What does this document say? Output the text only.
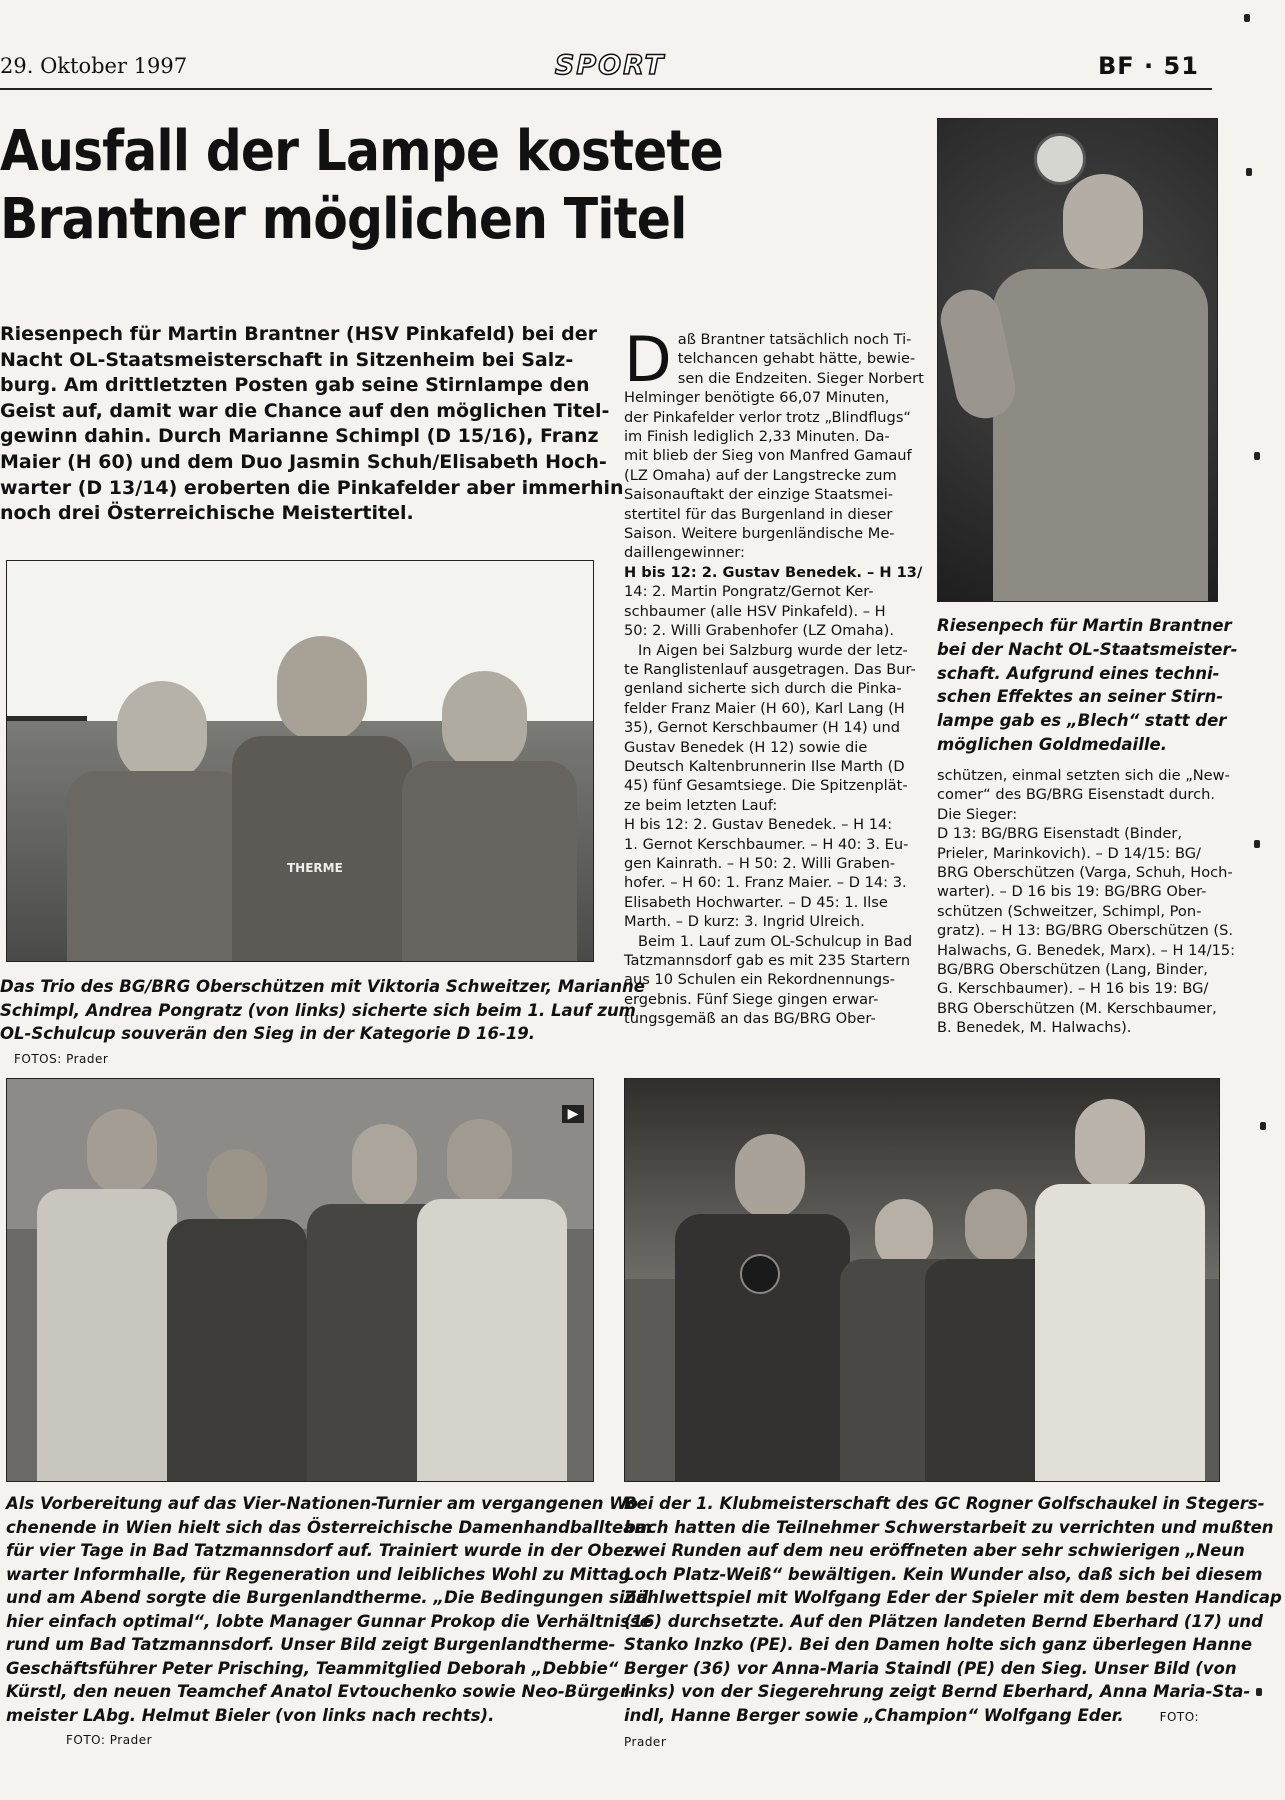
29. Oktober 1997	SPORT	BF · 51
Ausfall der Lampe kostete
Brantner möglichen Titel

Riesenpech für Martin Brantner (HSV Pinkafeld) bei der

Nacht OL-Staatsmeisterschaft in Sitzenheim bei Salz-

burg. Am drittletzten Posten gab seine Stirnlampe den

Geist auf, damit war die Chance auf den möglichen Titel-

gewinn dahin. Durch Marianne Schimpl (D 15/16), Franz

Maier (H 60) und dem Duo Jasmin Schuh/Elisabeth Hoch-

warter (D 13/14) eroberten die Pinkafelder aber immerhin

noch drei Österreichische Meistertitel.

THERME

Das Trio des BG/BRG Oberschützen mit Viktoria Schweitzer, Marianne

Schimpl, Andrea Pongratz (von links) sicherte sich beim 1. Lauf zum

OL-Schulcup souverän den Sieg in der Kategorie D 16-19.

FOTOS: Prader
D aß Brantner tatsächlich noch Ti-

telchancen gehabt hätte, bewie-

sen die Endzeiten. Sieger Norbert

Helminger benötigte 66,07 Minuten,

der Pinkafelder verlor trotz „Blindflugs“

im Finish lediglich 2,33 Minuten. Da-

mit blieb der Sieg von Manfred Gamauf

(LZ Omaha) auf der Langstrecke zum

Saisonauftakt der einzige Staatsmei-

stertitel für das Burgenland in dieser

Saison. Weitere burgenländische Me-

daillengewinner:

H bis 12: 2. Gustav Benedek. – H 13/

14: 2. Martin Pongratz/Gernot Ker-

schbaumer (alle HSV Pinkafeld). – H

50: 2. Willi Grabenhofer (LZ Omaha).

In Aigen bei Salzburg wurde der letz-

te Ranglistenlauf ausgetragen. Das Bur-

genland sicherte sich durch die Pinka-

felder Franz Maier (H 60), Karl Lang (H

35), Gernot Kerschbaumer (H 14) und

Gustav Benedek (H 12) sowie die

Deutsch Kaltenbrunnerin Ilse Marth (D

45) fünf Gesamtsiege. Die Spitzenplät-

ze beim letzten Lauf:

H bis 12: 2. Gustav Benedek. – H 14:

1. Gernot Kerschbaumer. – H 40: 3. Eu-

gen Kainrath. – H 50: 2. Willi Graben-

hofer. – H 60: 1. Franz Maier. – D 14: 3.

Elisabeth Hochwarter. – D 45: 1. Ilse

Marth. – D kurz: 3. Ingrid Ulreich.

Beim 1. Lauf zum OL-Schulcup in Bad

Tatzmannsdorf gab es mit 235 Startern

aus 10 Schulen ein Rekordnennungs-

ergebnis. Fünf Siege gingen erwar-

tungsgemäß an das BG/BRG Ober-

Riesenpech für Martin Brantner

bei der Nacht OL-Staatsmeister-

schaft. Aufgrund eines techni-

schen Effektes an seiner Stirn-

lampe gab es „Blech“ statt der

möglichen Goldmedaille.

schützen, einmal setzten sich die „New-

comer“ des BG/BRG Eisenstadt durch.

Die Sieger:

D 13: BG/BRG Eisenstadt (Binder,

Prieler, Marinkovich). – D 14/15: BG/

BRG Oberschützen (Varga, Schuh, Hoch-

warter). – D 16 bis 19: BG/BRG Ober-

schützen (Schweitzer, Schimpl, Pon-

gratz). – H 13: BG/BRG Oberschützen (S.

Halwachs, G. Benedek, Marx). – H 14/15:

BG/BRG Oberschützen (Lang, Binder,

G. Kerschbaumer). – H 16 bis 19: BG/

BRG Oberschützen (M. Kerschbaumer,

B. Benedek, M. Halwachs).

▶

Als Vorbereitung auf das Vier-Nationen-Turnier am vergangenen Wo-

chenende in Wien hielt sich das Österreichische Damenhandballteam

für vier Tage in Bad Tatzmannsdorf auf. Trainiert wurde in der Ober-

warter Informhalle, für Regeneration und leibliches Wohl zu Mittag

und am Abend sorgte die Burgenlandtherme. „Die Bedingungen sind

hier einfach optimal“, lobte Manager Gunnar Prokop die Verhältnisse

rund um Bad Tatzmannsdorf. Unser Bild zeigt Burgenlandtherme-

Geschäftsführer Peter Prisching, Teammitglied Deborah „Debbie“

Kürstl, den neuen Teamchef Anatol Evtouchenko sowie Neo-Bürger-

meister LAbg. Helmut Bieler (von links nach rechts).

FOTO: Prader

Bei der 1. Klubmeisterschaft des GC Rogner Golfschaukel in Stegers-

bach hatten die Teilnehmer Schwerstarbeit zu verrichten und mußten

zwei Runden auf dem neu eröffneten aber sehr schwierigen „Neun

Loch Platz-Weiß“ bewältigen. Kein Wunder also, daß sich bei diesem

Zählwettspiel mit Wolfgang Eder der Spieler mit dem besten Handicap

(16) durchsetzte. Auf den Plätzen landeten Bernd Eberhard (17) und

Stanko Inzko (PE). Bei den Damen holte sich ganz überlegen Hanne

Berger (36) vor Anna-Maria Staindl (PE) den Sieg. Unser Bild (von

links) von der Siegerehrung zeigt Bernd Eberhard, Anna Maria-Sta-

indl, Hanne Berger sowie „Champion“ Wolfgang Eder.	FOTO: Prader
